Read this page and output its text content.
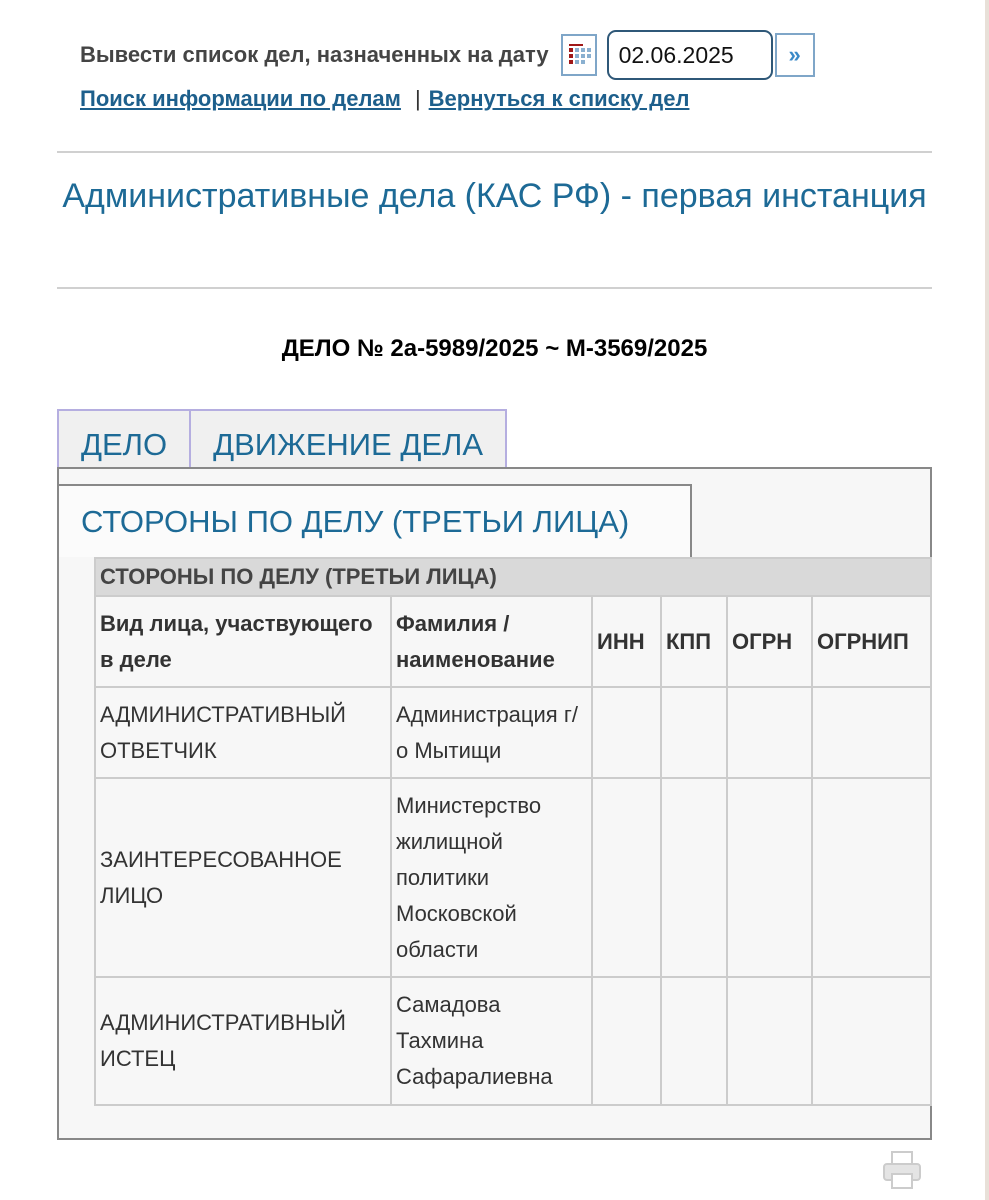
Вывести список дел, назначенных на дату	02.06.2025	»
Поиск информации по делам | Вернуться к списку дел
Административные дела (КАС РФ) - первая инстанция
ДЕЛО № 2а-5989/2025 ~ М-3569/2025
ДЕЛО	ДВИЖЕНИЕ ДЕЛА
СТОРОНЫ ПО ДЕЛУ (ТРЕТЬИ ЛИЦА)
СТОРОНЫ ПО ДЕЛУ (ТРЕТЬИ ЛИЦА)					
Вид лица, участвующего в деле	Фамилия / наименование	ИНН	КПП	ОГРН	ОГРНИП
АДМИНИСТРАТИВНЫЙ ОТВЕТЧИК	Администрация г/о Мытищи				
ЗАИНТЕРЕСОВАННОЕ ЛИЦО	Министерство жилищной политики Московской области				
АДМИНИСТРАТИВНЫЙ ИСТЕЦ	Самадова Тахмина Сафаралиевна				
